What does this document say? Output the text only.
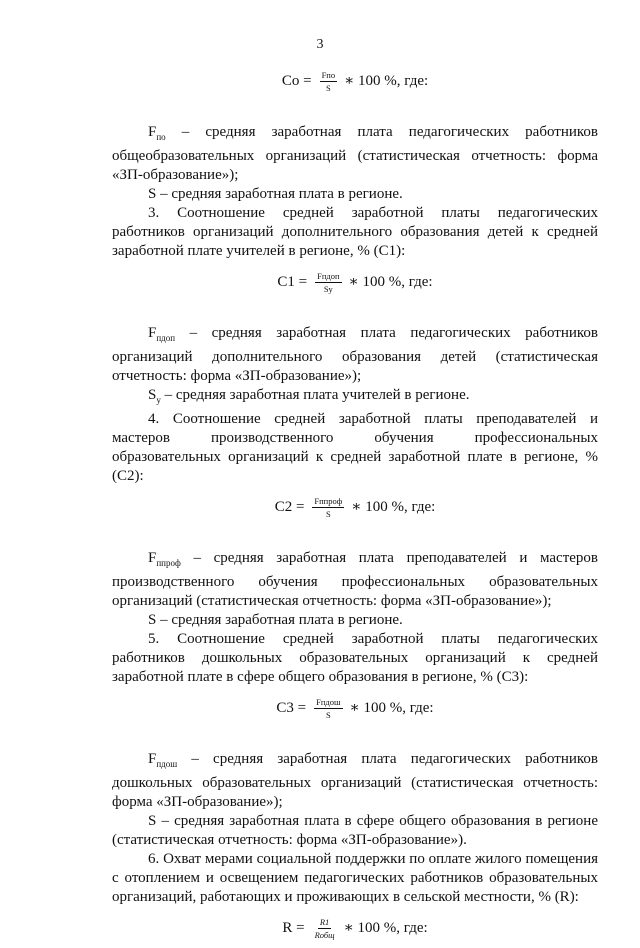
3
Со = $\frac{\text{Fпо}}{S}$ ∗ 100 %, где:

$F_{по}$ – средняя заработная плата педагогических работников общеобразовательных организаций (статистическая отчетность: форма «ЗП-образование»);

S – средняя заработная плата в регионе.

3. Соотношение средней заработной платы педагогических работников организаций дополнительного образования детей к средней заработной плате учителей в регионе, % (С1):

$С1 = \frac{\text{Fпдоп}}{Sу}$ ∗ 100 %, где:

$F_{пдоп}$ – средняя заработная плата педагогических работников организаций дополнительного образования детей (статистическая отчетность: форма «ЗП-образование»);

$S_у$ – средняя заработная плата учителей в регионе.

4. Соотношение средней заработной платы преподавателей и мастеров производственного обучения профессиональных образовательных организаций к средней заработной плате в регионе, % (С2):

$С2 = \frac{\text{Fппроф}}{S}$ ∗ 100 %, где:

$F_{ппроф}$ – средняя заработная плата преподавателей и мастеров производственного обучения профессиональных образовательных организаций (статистическая отчетность: форма «ЗП-образование»);

S – средняя заработная плата в регионе.

5. Соотношение средней заработной платы педагогических работников дошкольных образовательных организаций к средней заработной плате в сфере общего образования в регионе, % (С3):

$С3 = \frac{\text{Fпдош}}{S}$ ∗ 100 %, где:

$F_{пдош}$ – средняя заработная плата педагогических работников дошкольных образовательных организаций (статистическая отчетность: форма «ЗП-образование»);

S – средняя заработная плата в сфере общего образования в регионе (статистическая отчетность: форма «ЗП-образование»).

6. Охват мерами социальной поддержки по оплате жилого помещения с отоплением и освещением педагогических работников образовательных организаций, работающих и проживающих в сельской местности, % (R):

$R = \frac{R1}{\text{Rобщ}}$ ∗ 100 %, где:
